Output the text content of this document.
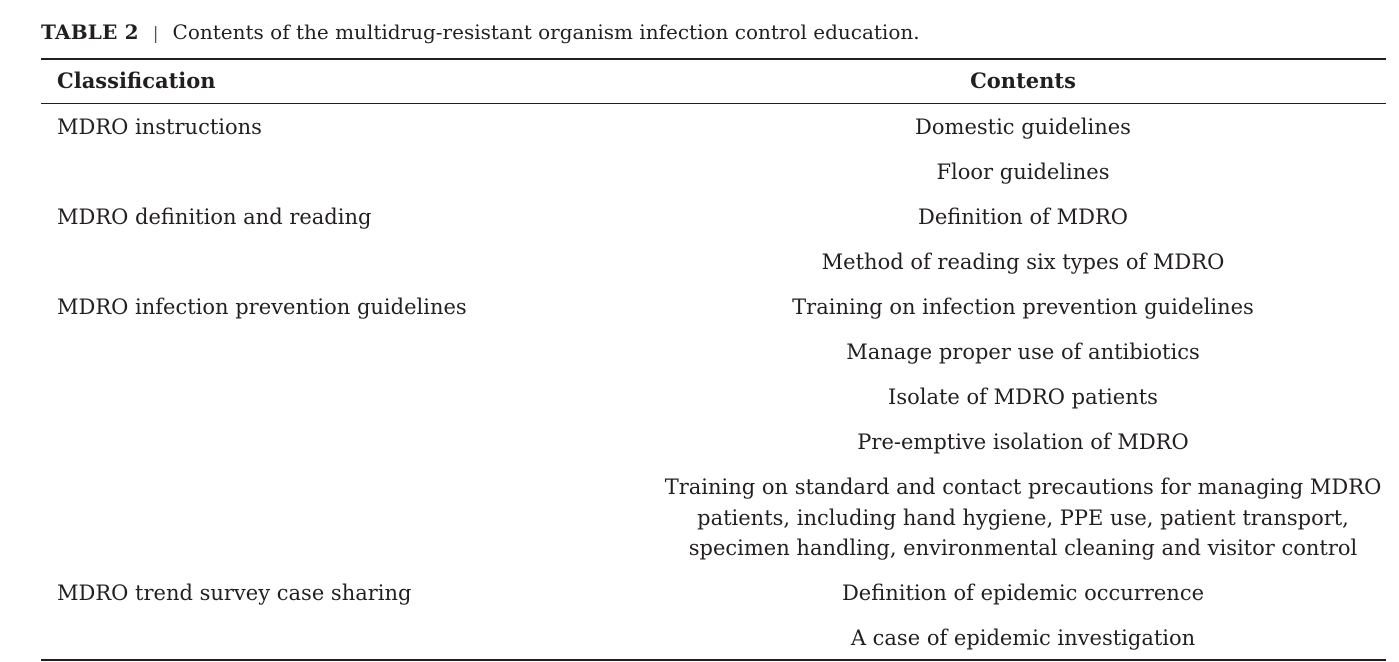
TABLE 2 | Contents of the multidrug-resistant organism infection control education.
Classification	Contents
MDRO instructions
MDRO definition and reading
MDRO infection prevention guidelines
MDRO trend survey case sharing
Domestic guidelines
Floor guidelines
Definition of MDRO
Method of reading six types of MDRO
Training on infection prevention guidelines
Manage proper use of antibiotics
Isolate of MDRO patients
Pre-emptive isolation of MDRO
Training on standard and contact precautions for managing MDRO
patients, including hand hygiene, PPE use, patient transport,
specimen handling, environmental cleaning and visitor control
Definition of epidemic occurrence
A case of epidemic investigation
